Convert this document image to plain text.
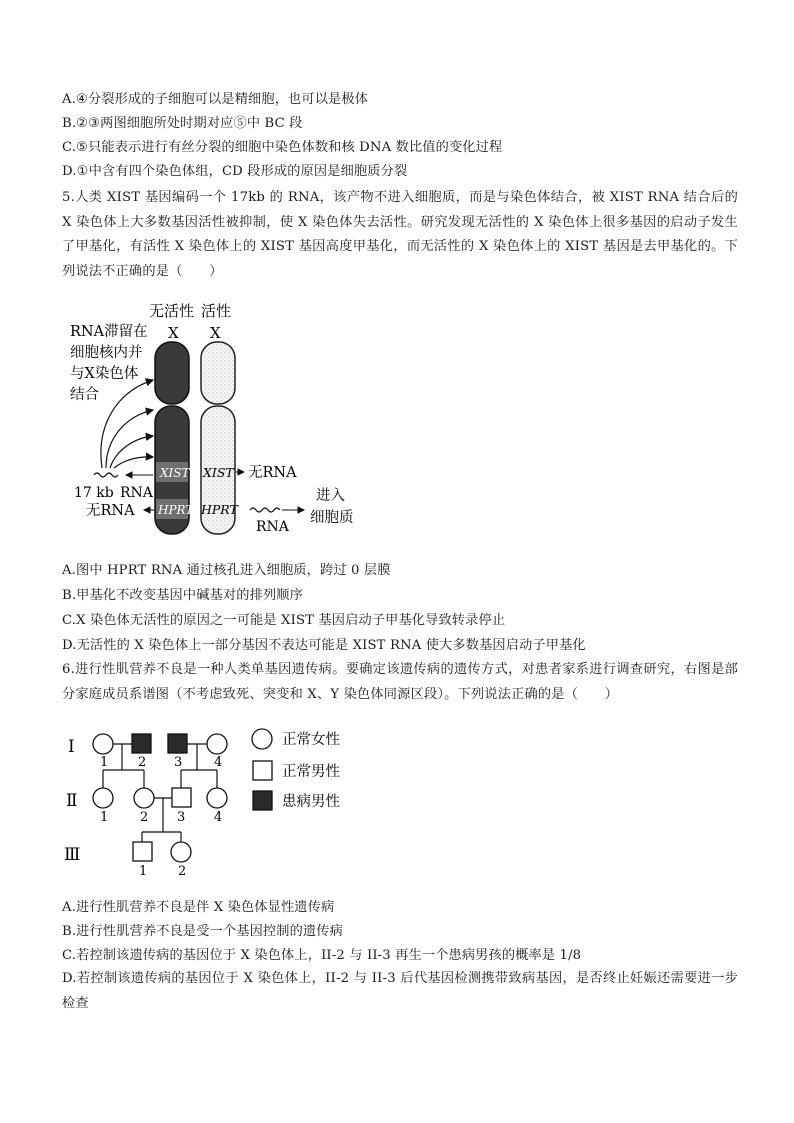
A.④分裂形成的子细胞可以是精细胞，也可以是极体
B.②③两图细胞所处时期对应⑤中 BC 段
C.⑤只能表示进行有丝分裂的细胞中染色体数和核 DNA 数比值的变化过程
D.①中含有四个染色体组，CD 段形成的原因是细胞质分裂
5.人类 XIST 基因编码一个 17kb 的 RNA，该产物不进入细胞质，而是与染色体结合，被 XIST RNA 结合后的 X 染色体上大多数基因活性被抑制，使 X 染色体失去活性。研究发现无活性的 X 染色体上很多基因的启动子发生了甲基化，有活性 X 染色体上的 XIST 基因高度甲基化，而无活性的 X 染色体上的 XIST 基因是去甲基化的。下列说法不正确的是（　　）
无活性 活性
X X
RNA滞留在
细胞核内并
与X染色体
结合
XIST
HPRT
XIST
HPRT
17 kb RNA
无RNA
无RNA
RNA
进入
细胞质
A.图中 HPRT RNA 通过核孔进入细胞质，跨过 0 层膜
B.甲基化不改变基因中碱基对的排列顺序
C.X 染色体无活性的原因之一可能是 XIST 基因启动子甲基化导致转录停止
D.无活性的 X 染色体上一部分基因不表达可能是 XIST RNA 使大多数基因启动子甲基化
6.进行性肌营养不良是一种人类单基因遗传病。要确定该遗传病的遗传方式，对患者家系进行调查研究，右图是部分家庭成员系谱图（不考虑致死、突变和 X、Y 染色体同源区段）。下列说法正确的是（　　）
Ⅰ
Ⅱ
Ⅲ
1 2 3 4
1 2 3 4
1 2
正常女性
正常男性
患病男性
A.进行性肌营养不良是伴 X 染色体显性遗传病
B.进行性肌营养不良是受一个基因控制的遗传病
C.若控制该遗传病的基因位于 X 染色体上，II-2 与 II-3 再生一个患病男孩的概率是 1/8
D.若控制该遗传病的基因位于 X 染色体上，II-2 与 II-3 后代基因检测携带致病基因，是否终止妊娠还需要进一步检查
